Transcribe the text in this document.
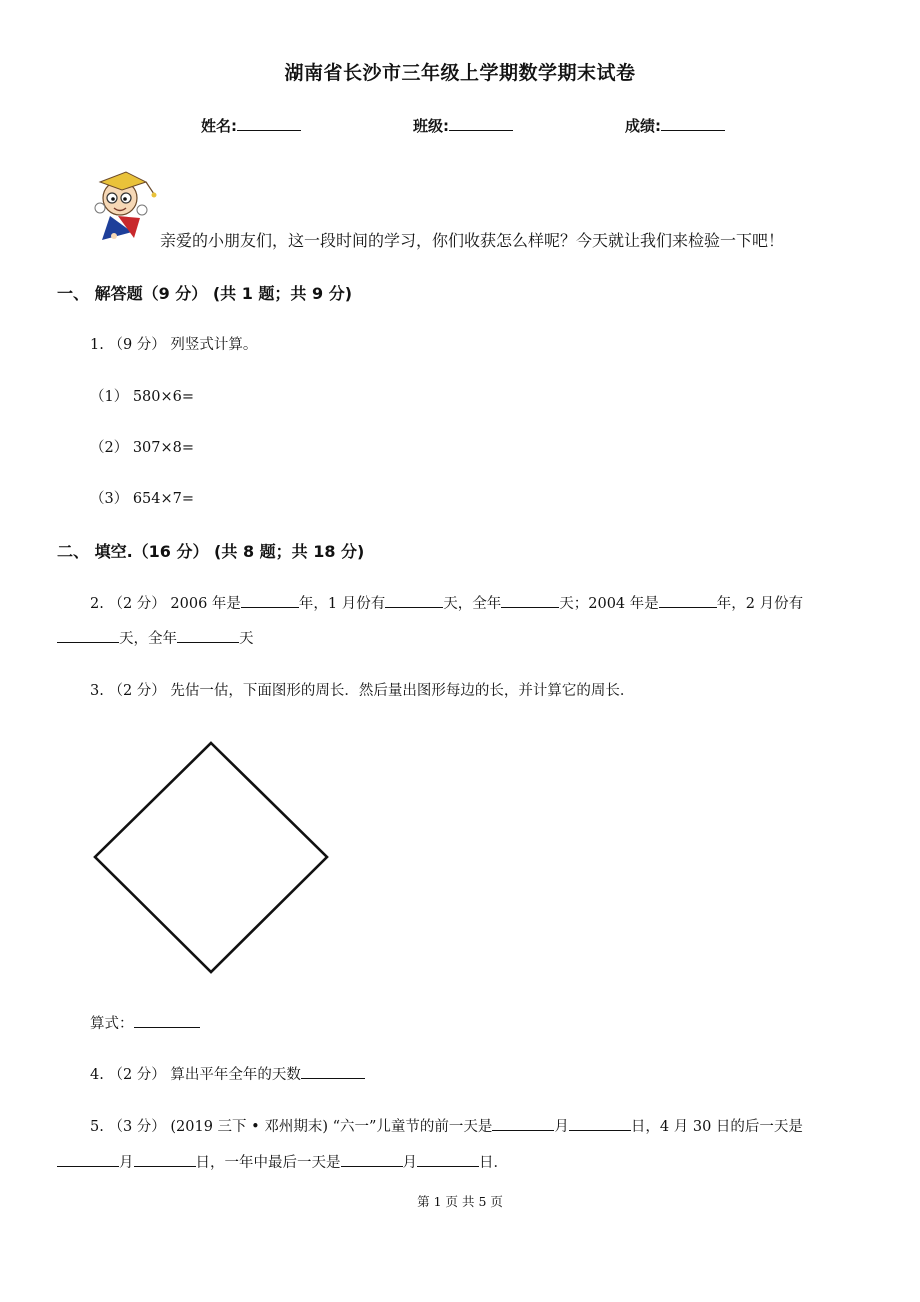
湖南省长沙市三年级上学期数学期末试卷
姓名:	班级:	成绩:
亲爱的小朋友们，这一段时间的学习，你们收获怎么样呢？今天就让我们来检验一下吧！
一、 解答题（9 分） (共 1 题；共 9 分)
1. （9 分） 列竖式计算。
（1） 580×6=
（2） 307×8=
（3） 654×7=
二、 填空.（16 分） (共 8 题；共 18 分)
2. （2 分） 2006 年是	年，1 月份有	天，全年	天；2004 年是	年，2 月份有
天，全年	天
3. （2 分） 先估一估，下面图形的周长．然后量出图形每边的长，并计算它的周长．
算式：
4. （2 分） 算出平年全年的天数
5. （3 分） (2019 三下 • 邓州期末) “六一”儿童节的前一天是	月	日，4 月 30 日的后一天是
月	日，一年中最后一天是	月	日．
第 1 页 共 5 页
